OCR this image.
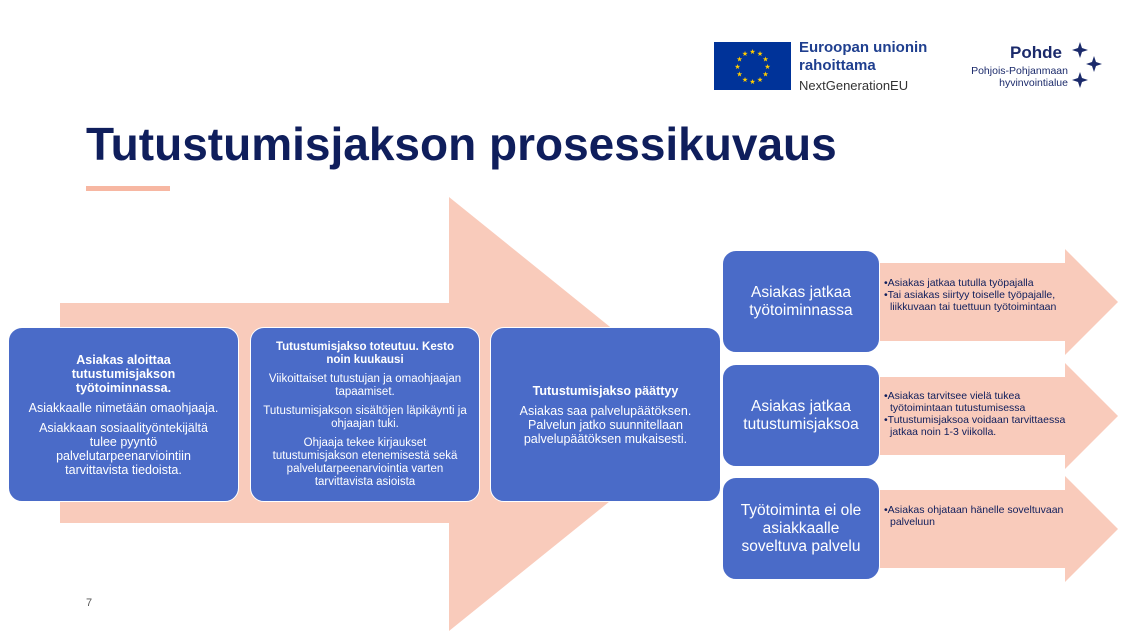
★ ★
★
★
★
★
★
★
★
★
★
★	Euroopan unionin
rahoittama
NextGenerationEU
Pohde
Pohjois-Pohjanmaan
hyvinvointialue
Tutustumisjakson prosessikuvaus

Asiakas aloittaa tutustumisjakson työtoiminnassa.

Asiakkaalle nimetään omaohjaaja.

Asiakkaan sosiaalityöntekijältä tulee pyyntö palvelutarpeenarviointiin tarvittavista tiedoista.

Tutustumisjakso toteutuu. Kesto noin kuukausi

Viikoittaiset tutustujan ja omaohjaajan tapaamiset.

Tutustumisjakson sisältöjen läpikäynti ja ohjaajan tuki.

Ohjaaja tekee kirjaukset tutustumisjakson etenemisestä sekä palvelutarpeenarviointia varten tarvittavista asioista

Tutustumisjakso päättyy

Asiakas saa palvelupäätöksen. Palvelun jatko suunnitellaan palvelupäätöksen mukaisesti.

Asiakas jatkaa työtoiminnassa
•Asiakas jatkaa tutulla työpajalla
•Tai asiakas siirtyy toiselle työpajalle, liikkuvaan tai tuettuun työtoimintaan
Asiakas jatkaa tutustumisjaksoa
•Asiakas tarvitsee vielä tukea työtoimintaan tutustumisessa
•Tutustumisjaksoa voidaan tarvittaessa jatkaa noin 1-3 viikolla.
Työtoiminta ei ole asiakkaalle soveltuva palvelu
•Asiakas ohjataan hänelle soveltuvaan palveluun
7
